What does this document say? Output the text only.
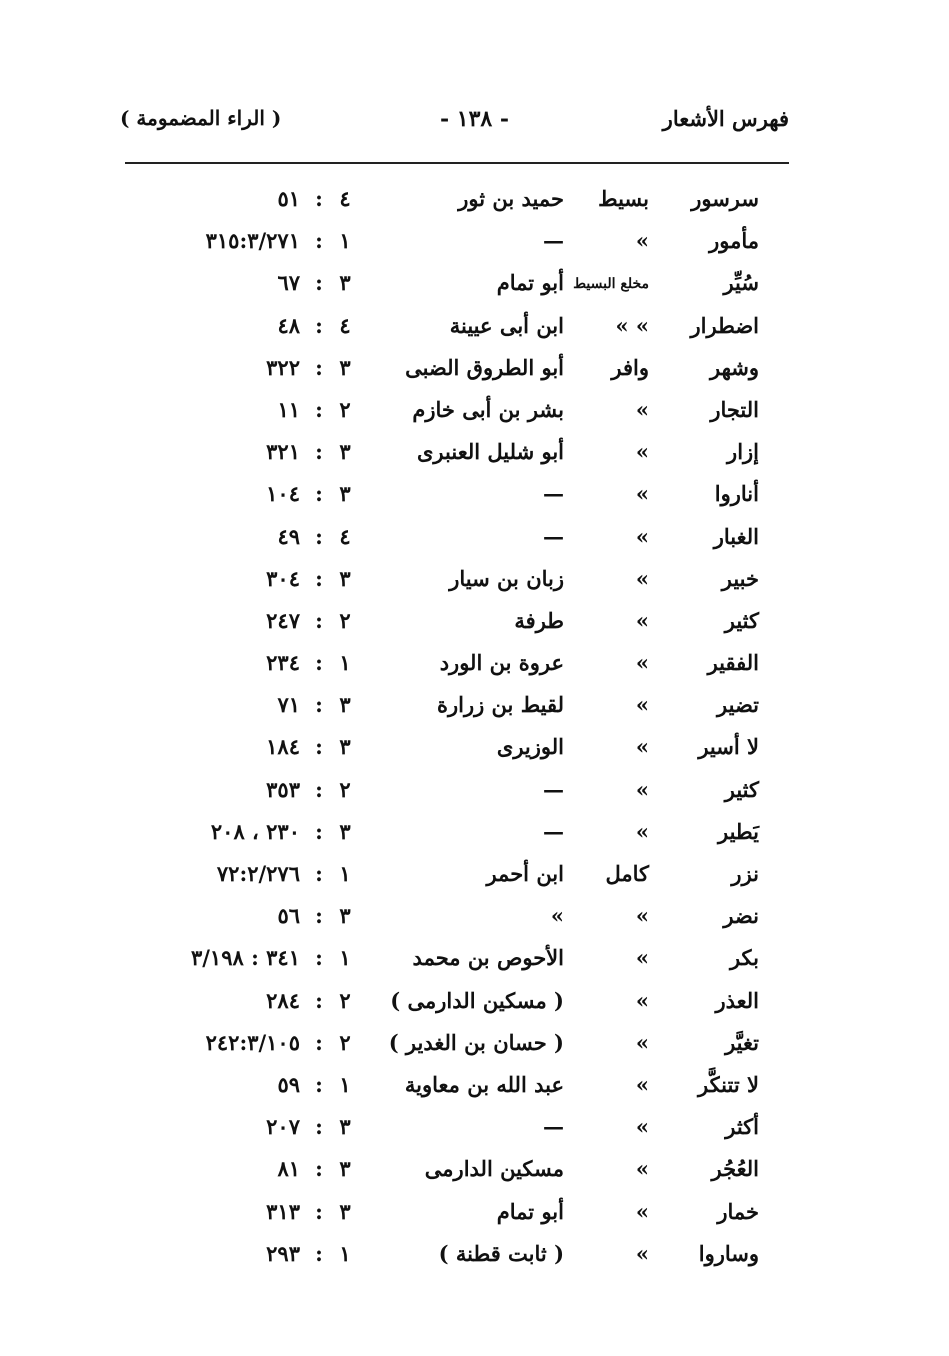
فهرس الأشعار
- ١٣٨ -
( الراء المضمومة )
سرسور
بسيط
حميد بن ثور
٤
:
٥١
مأمور
»
—
١
:
٣١٥:٣/٢٧١
سُيِّر
مخلع البسيط
أبو تمام
٣
:
٦٧
اضطرار
» »
ابن أبى عيينة
٤
:
٤٨
وشهر
وافر
أبو الطروق الضبى
٣
:
٣٢٢
التجار
»
بشر بن أبى خازم
٢
:
١١
إزار
»
أبو شليل العنبرى
٣
:
٣٢١
أناروا
»
—
٣
:
١٠٤
الغبار
»
—
٤
:
٤٩
خبير
»
زبان بن سيار
٣
:
٣٠٤
كثير
»
طرفة
٢
:
٢٤٧
الفقير
»
عروة بن الورد
١
:
٢٣٤
تضير
»
لقيط بن زرارة
٣
:
٧١
لا أسير
»
الوزيرى
٣
:
١٨٤
كثير
»
—
٢
:
٣٥٣
يَطير
»
—
٣
:
٢٣٠ ، ٢٠٨
نزر
كامل
ابن أحمر
١
:
٧٢:٢/٢٧٦
نضر
»
»
٣
:
٥٦
بكر
»
الأحوص بن محمد
١
:
٣٤١ : ٣/١٩٨
العذر
»
( مسكين الدارمى )
٢
:
٢٨٤
تغيَّر
»
( حسان بن الغدير )
٢
:
٢٤٢:٣/١٠٥
لا تتنكَّر
»
عبد الله بن معاوية
١
:
٥٩
أكثر
»
—
٣
:
٢٠٧
العُجُر
»
مسكين الدارمى
٣
:
٨١
خمار
»
أبو تمام
٣
:
٣١٣
وساروا
»
( ثابت قطنة )
١
:
٢٩٣
